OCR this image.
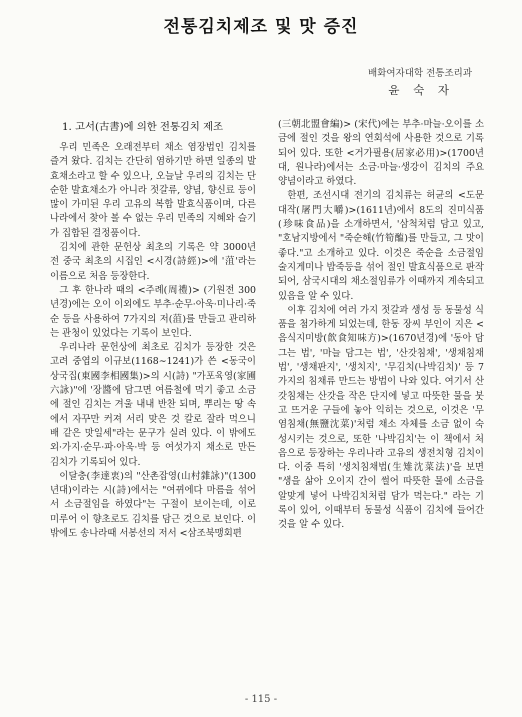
전통김치제조 및 맛 증진
배화여자대학 전통조리과
윤 숙 자
1. 고서(古書)에 의한 전통김치 제조

우리 민족은 오래전부터 채소 염장법인 김치를 즐겨 왔다. 김치는 간단히 염하기만 하면 일종의 발효채소라고 할 수 있으나, 오늘날 우리의 김치는 단순한 발효채소가 아니라 젓갈류, 양념, 향신료 등이 많이 가미된 우리 고유의 복합 발효식품이며, 다른 나라에서 찾아 볼 수 없는 우리 민족의 지혜와 슬기가 집합된 결정품이다.

김치에 관한 문헌상 최초의 기록은 약 3000년 전 중국 최초의 시집인 <시경(詩經)>에 '菹'라는 이름으로 처음 등장한다.

그 후 한나라 때의 <주례(周禮)> (기원전 300년경)에는 오이 이외에도 부추·순무·아욱·미나리·죽순 등을 사용하여 7가지의 저(菹)를 만들고 관리하는 관청이 있었다는 기록이 보인다.

우리나라 문헌상에 최초로 김치가 등장한 것은 고려 중엽의 이규보(1168∼1241)가 쓴 <동국이상국집(東國李相國集)>의 시(詩) "가포육영(家圃六詠)"에 '장醬에 담그면 여름철에 먹기 좋고 소금에 절인 김치는 겨울 내내 반찬 되며, 뿌리는 땅 속에서 자꾸만 커져 서리 맞은 것 칼로 잘라 먹으니 배 같은 맛일세"라는 문구가 실려 있다. 이 밖에도 외·가지·순무·파·아욱·박 등 여섯가지 채소로 만든 김치가 기록되어 있다.

이달충(李達衷)의 "산촌잡영(山村雜詠)"(1300년대)이라는 시(詩)에서는 "여뀌에다 마름을 섞어서 소금절임을 하였다"는 구절이 보이는데, 이로 미루어 이 향초로도 김치를 담근 것으로 보인다. 이 밖에도 송나라때 서봉선의 저서 <삼조북맹회편

(三朝北盟會編)> (宋代)에는 부추·마늘·오이를 소금에 절인 것을 왕의 연회석에 사용한 것으로 기록되어 있다. 또한 <거가필용(居家必用)>(1700년대, 원나라)에서는 소금·마늘·생강이 김치의 주요 양념이라고 하였다.

한편, 조선시대 전기의 김치류는 허균의 <도문대작(屠門大嚼)>(1611년)에서 8도의 진미식품(珍味食品)을 소개하면서, '삼척처럼 담고 있고, "호남지방에서 "죽순해(竹筍醢)를 만들고, 그 맛이 좋다."고 소개하고 있다. 이것은 죽순을 소금절임 술지게미나 밥죽등을 섞어 절인 발효식품으로 판작되어, 삼국시대의 채소절임류가 이때까지 계속되고 있음을 알 수 있다.

이후 김치에 여러 가지 젓갈과 생성 등 동물성 식품을 첨가하게 되었는데, 한동 장씨 부인이 지은 <음식지미방(飮食知味方)>(1670년경)에 '동아 담그는 법', '마늘 담그는 법', '산갓침채', '생채침채법', '생채판지', '생치지', '무김치(나박김치)' 등 7가지의 침채류 만드는 방법이 나와 있다. 여기서 산갓침채는 산갓을 작은 단지에 넣고 따뜻한 물을 붓고 뜨거운 구들에 놓아 익히는 것으로, 이것은 '무염침채(無鹽沈菜)'처럼 채소 자체를 소금 없이 숙성시키는 것으로, 또한 '나박김치'는 이 책에서 처음으로 등장하는 우리나라 고유의 생전치형 김치이다. 이중 특히 '생치침채법(生雉沈菜法)'을 보면 "생을 삶아 오이지 간이 썰어 따뜻한 물에 소금을 알맞게 넣어 나박김치처럼 담가 먹는다." 라는 기록이 있어, 이때부터 동물성 식품이 김치에 들어간 것을 알 수 있다.

- 115 -
